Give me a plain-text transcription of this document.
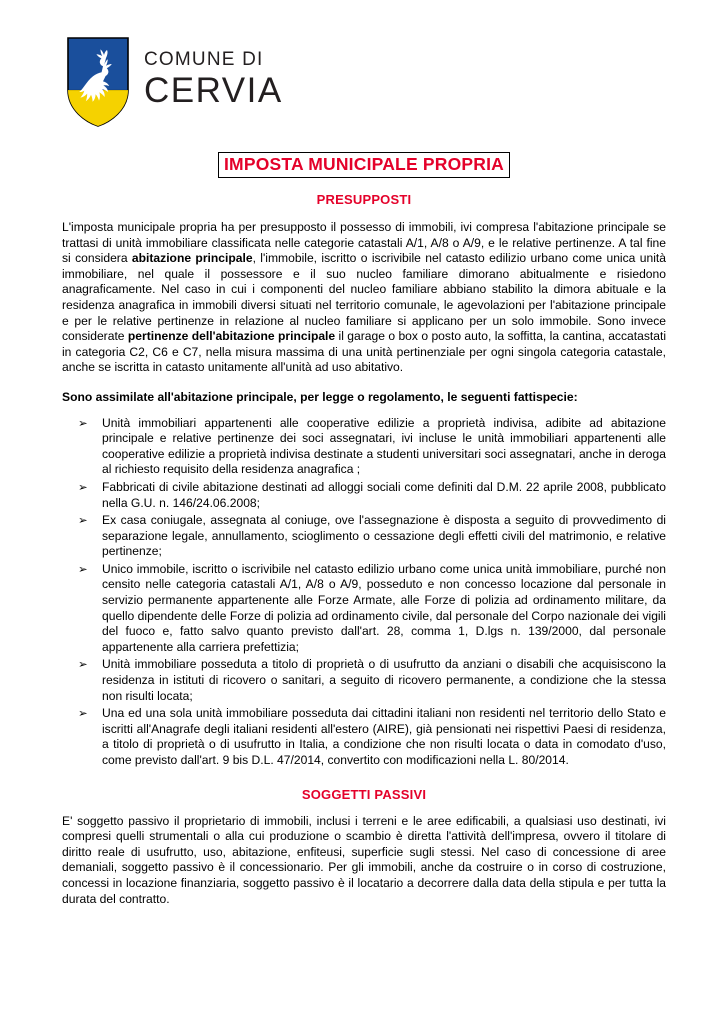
COMUNE DI
CERVIA
IMPOSTA MUNICIPALE PROPRIA
PRESUPPOSTI

L'imposta municipale propria ha per presupposto il possesso di immobili, ivi compresa l'abitazione principale se trattasi di unità immobiliare classificata nelle categorie catastali A/1, A/8 o A/9, e le relative pertinenze. A tal fine si considera abitazione principale, l'immobile, iscritto o iscrivibile nel catasto edilizio urbano come unica unità immobiliare, nel quale il possessore e il suo nucleo familiare dimorano abitualmente e risiedono anagraficamente. Nel caso in cui i componenti del nucleo familiare abbiano stabilito la dimora abituale e la residenza anagrafica in immobili diversi situati nel territorio comunale, le agevolazioni per l'abitazione principale e per le relative pertinenze in relazione al nucleo familiare si applicano per un solo immobile. Sono invece considerate pertinenze dell'abitazione principale il garage o box o posto auto, la soffitta, la cantina, accatastati in categoria C2, C6 e C7, nella misura massima di una unità pertinenziale per ogni singola categoria catastale, anche se iscritta in catasto unitamente all'unità ad uso abitativo.

Sono assimilate all'abitazione principale, per legge o regolamento, le seguenti fattispecie:

➢ Unità immobiliari appartenenti alle cooperative edilizie a proprietà indivisa, adibite ad abitazione principale e relative pertinenze dei soci assegnatari, ivi incluse le unità immobiliari appartenenti alle cooperative edilizie a proprietà indivisa destinate a studenti universitari soci assegnatari, anche in deroga al richiesto requisito della residenza anagrafica ;
➢ Fabbricati di civile abitazione destinati ad alloggi sociali come definiti dal D.M. 22 aprile 2008, pubblicato nella G.U. n. 146/24.06.2008;
➢ Ex casa coniugale, assegnata al coniuge, ove l'assegnazione è disposta a seguito di provvedimento di separazione legale, annullamento, scioglimento o cessazione degli effetti civili del matrimonio, e relative pertinenze;
➢ Unico immobile, iscritto o iscrivibile nel catasto edilizio urbano come unica unità immobiliare, purché non censito nelle categoria catastali A/1, A/8 o A/9, posseduto e non concesso locazione dal personale in servizio permanente appartenente alle Forze Armate, alle Forze di polizia ad ordinamento militare, da quello dipendente delle Forze di polizia ad ordinamento civile, dal personale del Corpo nazionale dei vigili del fuoco e, fatto salvo quanto previsto dall'art. 28, comma 1, D.lgs n. 139/2000, dal personale appartenente alla carriera prefettizia;
➢ Unità immobiliare posseduta a titolo di proprietà o di usufrutto da anziani o disabili che acquisiscono la residenza in istituti di ricovero o sanitari, a seguito di ricovero permanente, a condizione che la stessa non risulti locata;
➢ Una ed una sola unità immobiliare posseduta dai cittadini italiani non residenti nel territorio dello Stato e iscritti all'Anagrafe degli italiani residenti all'estero (AIRE), già pensionati nei rispettivi Paesi di residenza, a titolo di proprietà o di usufrutto in Italia, a condizione che non risulti locata o data in comodato d'uso, come previsto dall'art. 9 bis D.L. 47/2014, convertito con modificazioni nella L. 80/2014.
SOGGETTI PASSIVI

E' soggetto passivo il proprietario di immobili, inclusi i terreni e le aree edificabili, a qualsiasi uso destinati, ivi compresi quelli strumentali o alla cui produzione o scambio è diretta l'attività dell'impresa, ovvero il titolare di diritto reale di usufrutto, uso, abitazione, enfiteusi, superficie sugli stessi. Nel caso di concessione di aree demaniali, soggetto passivo è il concessionario. Per gli immobili, anche da costruire o in corso di costruzione, concessi in locazione finanziaria, soggetto passivo è il locatario a decorrere dalla data della stipula e per tutta la durata del contratto.
